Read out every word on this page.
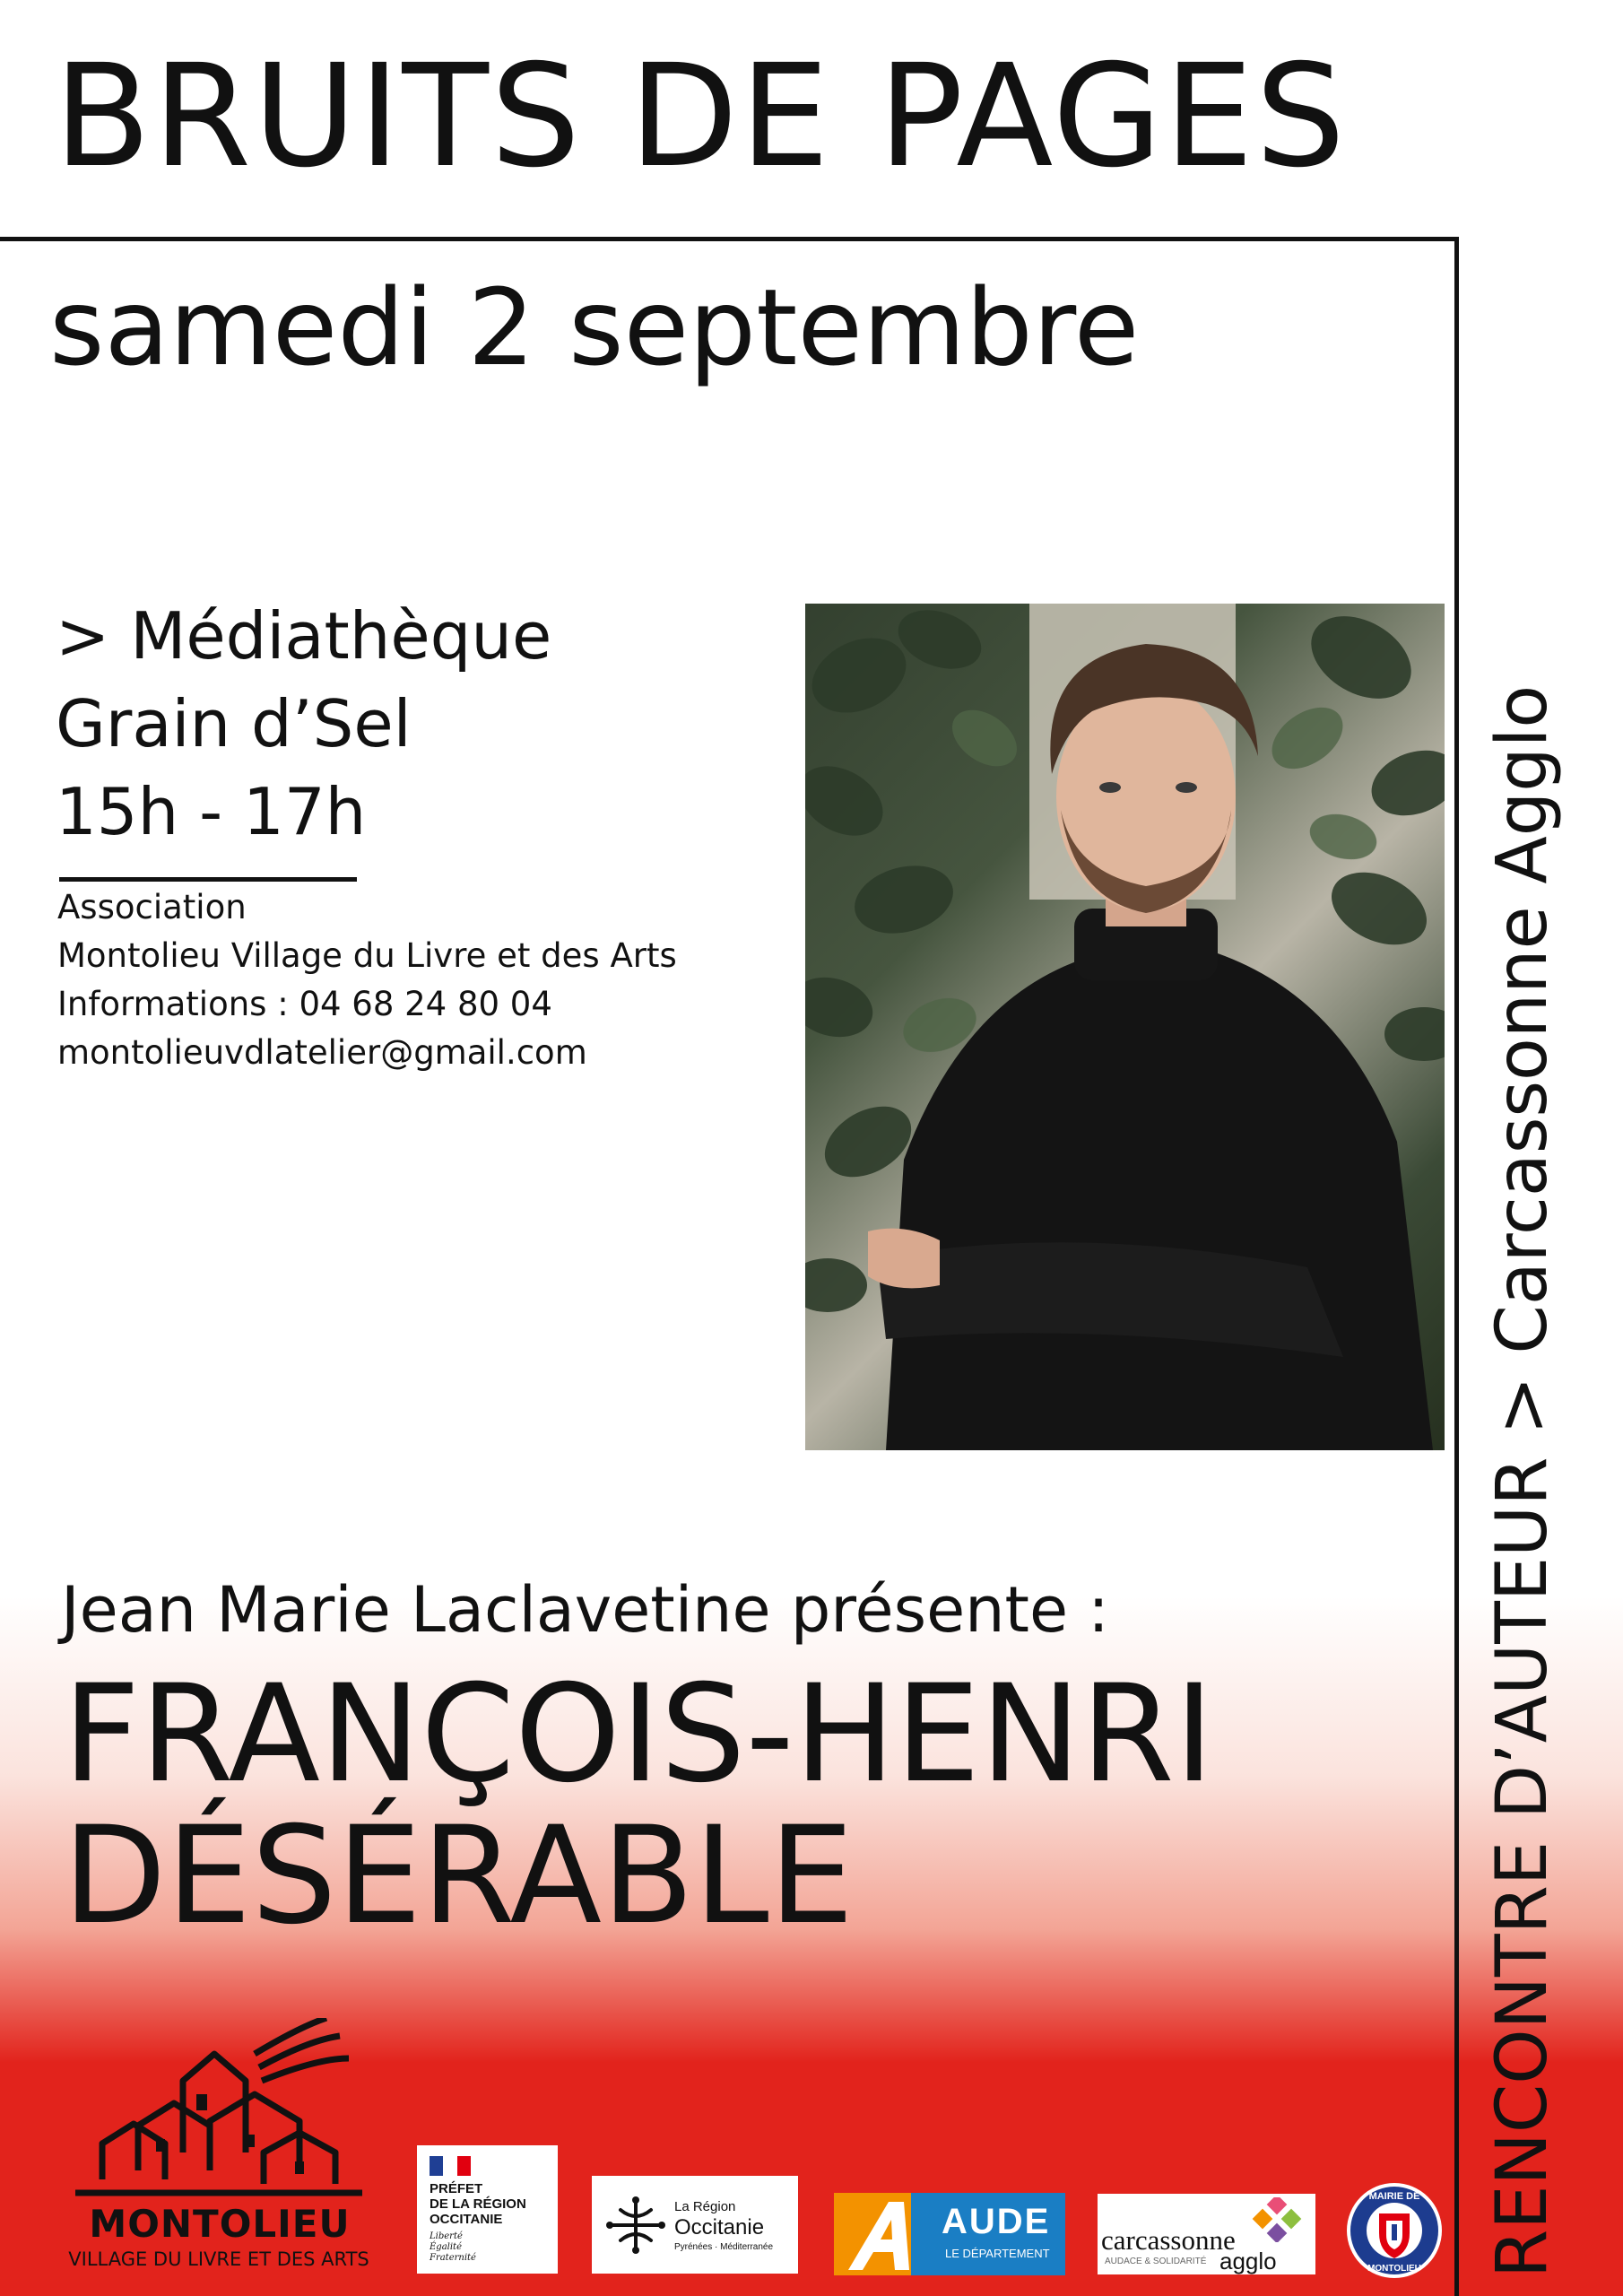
BRUITS DE PAGES
samedi 2 septembre
> Médiathèque
Grain d’Sel
15h - 17h
Association
Montolieu Village du Livre et des Arts
Informations : 04 68 24 80 04
montolieuvdlatelier@gmail.com
Jean Marie Laclavetine présente :
FRANÇOIS-HENRI
DÉSÉRABLE	RENCONTRE D’AUTEUR > Carcassonne Agglo
MONTOLIEU
VILLAGE DU LIVRE ET DES ARTS
PRÉFET
DE LA RÉGION
OCCITANIE
Liberté
Égalité
Fraternité
La Région
Occitanie
Pyrénées · Méditerranée
AUDE
LE DÉPARTEMENT carcassonne
AUDACE & SOLIDARITÉ agglo
MAIRIE DE
MONTOLIEU
